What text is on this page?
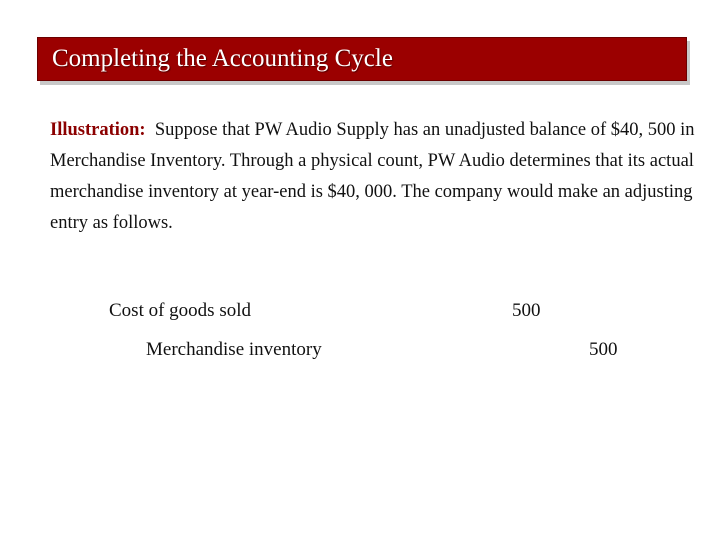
Completing the Accounting Cycle
Illustration: Suppose that PW Audio Supply has an unadjusted balance of $40, 500 in Merchandise Inventory. Through a physical count, PW Audio determines that its actual merchandise inventory at year-end is $40, 000. The company would make an adjusting entry as follows.
Cost of goods sold	500
Merchandise inventory	500
